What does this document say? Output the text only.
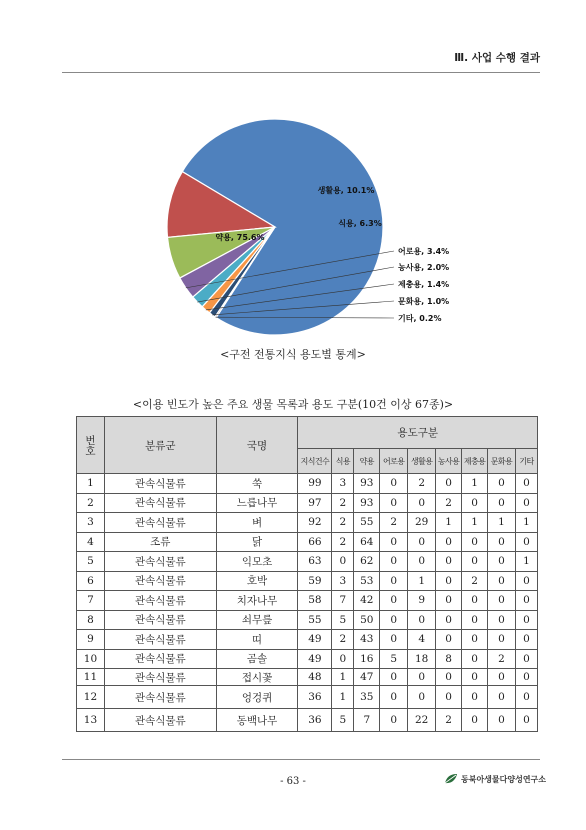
Ⅲ. 사업 수행 결과
약용, 75.6%
생활용, 10.1%
식용, 6.3%
어로용, 3.4%
농사용, 2.0%
제충용, 1.4%
문화용, 1.0%
기타, 0.2%
<구전 전통지식 용도별 통계>
<이용 빈도가 높은 주요 생물 목록과 용도 구분(10건 이상 67종)>
번호	분류군	국명	용도구분								
			지식건수	식용	약용	어로용	생활용	농사용	제충용	문화용	기타
1	관속식물류	쑥	99	3	93	0	2	0	1	0	0
2	관속식물류	느릅나무	97	2	93	0	0	2	0	0	0
3	관속식물류	벼	92	2	55	2	29	1	1	1	1
4	조류	닭	66	2	64	0	0	0	0	0	0
5	관속식물류	익모초	63	0	62	0	0	0	0	0	1
6	관속식물류	호박	59	3	53	0	1	0	2	0	0
7	관속식물류	치자나무	58	7	42	0	9	0	0	0	0
8	관속식물류	쇠무릎	55	5	50	0	0	0	0	0	0
9	관속식물류	띠	49	2	43	0	4	0	0	0	0
10	관속식물류	곰솔	49	0	16	5	18	8	0	2	0
11	관속식물류	접시꽃	48	1	47	0	0	0	0	0	0
12	관속식물류	엉겅퀴	36	1	35	0	0	0	0	0	0
13	관속식물류	동백나무	36	5	7	0	22	2	0	0	0
- 63 -	동북아생물다양성연구소
